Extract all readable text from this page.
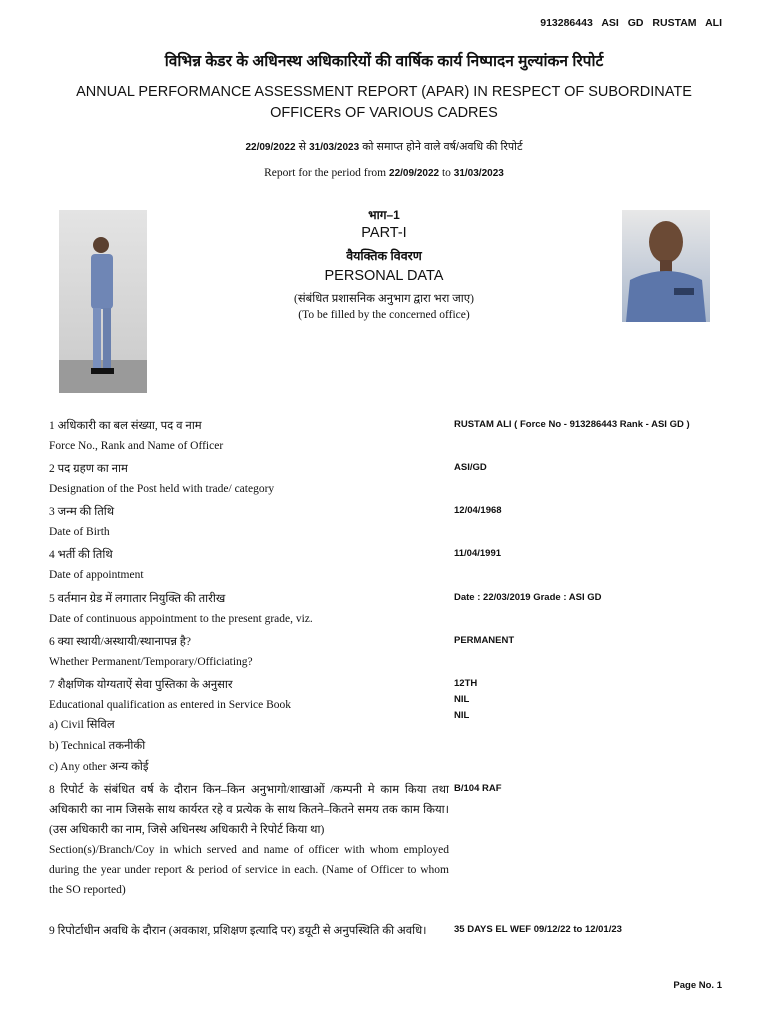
913286443 ASI GD RUSTAM ALI
विभिन्न केडर के अधिनस्थ अधिकारियों की वार्षिक कार्य निष्पादन मुल्यांकन रिपोर्ट
ANNUAL PERFORMANCE ASSESSMENT REPORT (APAR) IN RESPECT OF SUBORDINATE OFFICERs OF VARIOUS CADRES
22/09/2022 से 31/03/2023 को समाप्त होने वाले वर्ष/अवधि की रिपोर्ट
Report for the period from 22/09/2022 to 31/03/2023
भाग–1
PART-I
वैयक्तिक विवरण
PERSONAL DATA
(संबंधित प्रशासनिक अनुभाग द्वारा भरा जाए)
(To be filled by the concerned office)
1 अधिकारी का बल संख्या, पद व नाम
Force No., Rank and Name of Officer
RUSTAM ALI ( Force No - 913286443 Rank - ASI GD )
2 पद ग्रहण का नाम
Designation of the Post held with trade/ category
ASI/GD
3 जन्म की तिथि
Date of Birth
12/04/1968
4 भर्ती की तिथि
Date of appointment
11/04/1991
5 वर्तमान ग्रेड में लगातार नियुक्ति की तारीख
Date of continuous appointment to the present grade, viz.
Date : 22/03/2019 Grade : ASI GD
6 क्या स्थायी/अस्थायी/स्थानापन्न है?
Whether Permanent/Temporary/Officiating?
PERMANENT
7 शैक्षणिक योग्यताऐं सेवा पुस्तिका के अनुसार
Educational qualification as entered in Service Book
a) Civil सिविल
b) Technical तकनीकी
c) Any other अन्य कोई
12TH
NIL
NIL
8 रिपोर्ट के संबंधित वर्ष के दौरान किन–किन अनुभागो/शाखाओं /कम्पनी मे काम किया तथा अधिकारी का नाम जिसके साथ कार्यरत रहे व प्रत्येक के साथ कितने–कितने समय तक काम किया। (उस अधिकारी का नाम, जिसे अधिनस्थ अधिकारी ने रिपोर्ट किया था)
Section(s)/Branch/Coy in which served and name of officer with whom employed during the year under report & period of service in each. (Name of Officer to whom the SO reported)
B/104 RAF
9 रिपोर्टाधीन अवधि के दौरान (अवकाश, प्रशिक्षण इत्यादि पर) डयूटी से अनुपस्थिति की अवधि।	35 DAYS EL WEF 09/12/22 to 12/01/23
Page No. 1
